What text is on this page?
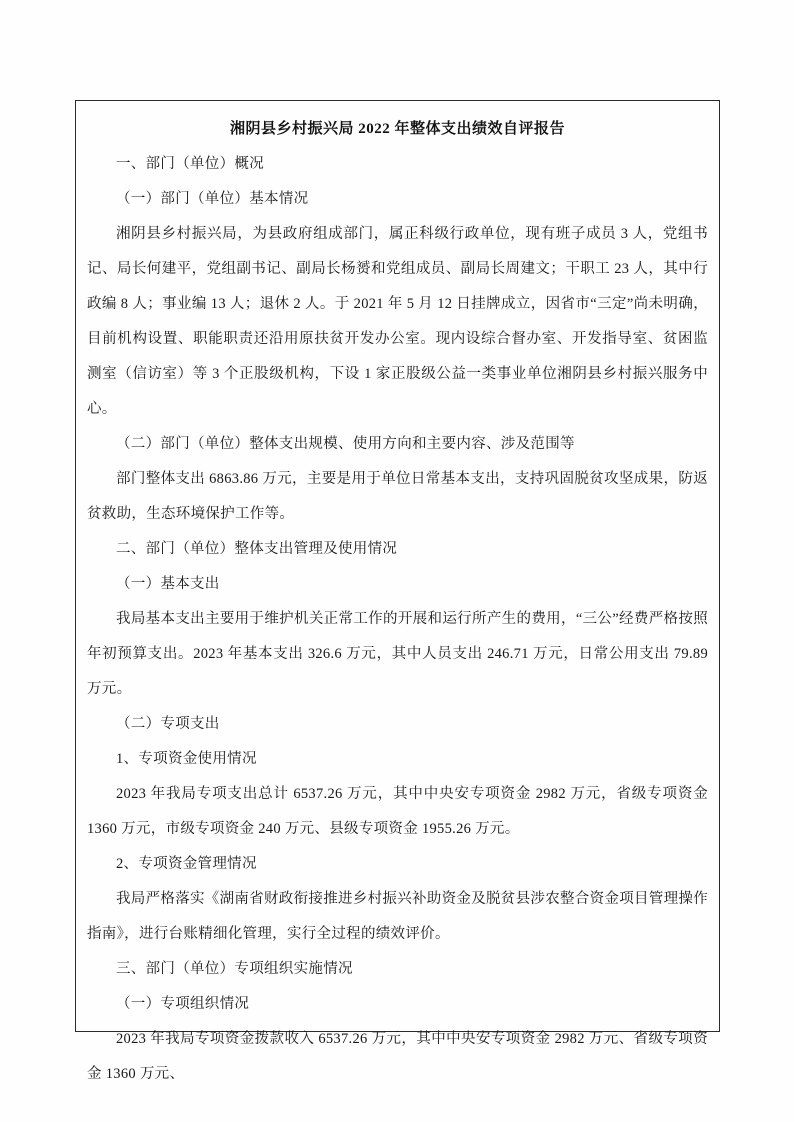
湘阴县乡村振兴局 2022 年整体支出绩效自评报告

一、部门（单位）概况

（一）部门（单位）基本情况

湘阴县乡村振兴局，为县政府组成部门，属正科级行政单位，现有班子成员 3 人，党组书记、局长何建平，党组副书记、副局长杨赟和党组成员、副局长周建文；干职工 23 人，其中行政编 8 人；事业编 13 人；退休 2 人。于 2021 年 5 月 12 日挂牌成立，因省市“三定”尚未明确，目前机构设置、职能职责还沿用原扶贫开发办公室。现内设综合督办室、开发指导室、贫困监测室（信访室）等 3 个正股级机构，下设 1 家正股级公益一类事业单位湘阴县乡村振兴服务中心。

（二）部门（单位）整体支出规模、使用方向和主要内容、涉及范围等

部门整体支出 6863.86 万元，主要是用于单位日常基本支出，支持巩固脱贫攻坚成果，防返贫救助，生态环境保护工作等。

二、部门（单位）整体支出管理及使用情况

（一）基本支出

我局基本支出主要用于维护机关正常工作的开展和运行所产生的费用，“三公”经费严格按照年初预算支出。2023 年基本支出 326.6 万元，其中人员支出 246.71 万元，日常公用支出 79.89 万元。

（二）专项支出

1、专项资金使用情况

2023 年我局专项支出总计 6537.26 万元，其中中央安专项资金 2982 万元，省级专项资金 1360 万元，市级专项资金 240 万元、县级专项资金 1955.26 万元。

2、专项资金管理情况

我局严格落实《湖南省财政衔接推进乡村振兴补助资金及脱贫县涉农整合资金项目管理操作指南》，进行台账精细化管理，实行全过程的绩效评价。

三、部门（单位）专项组织实施情况

（一）专项组织情况

2023 年我局专项资金拨款收入 6537.26 万元，其中中央安专项资金 2982 万元、省级专项资金 1360 万元、
